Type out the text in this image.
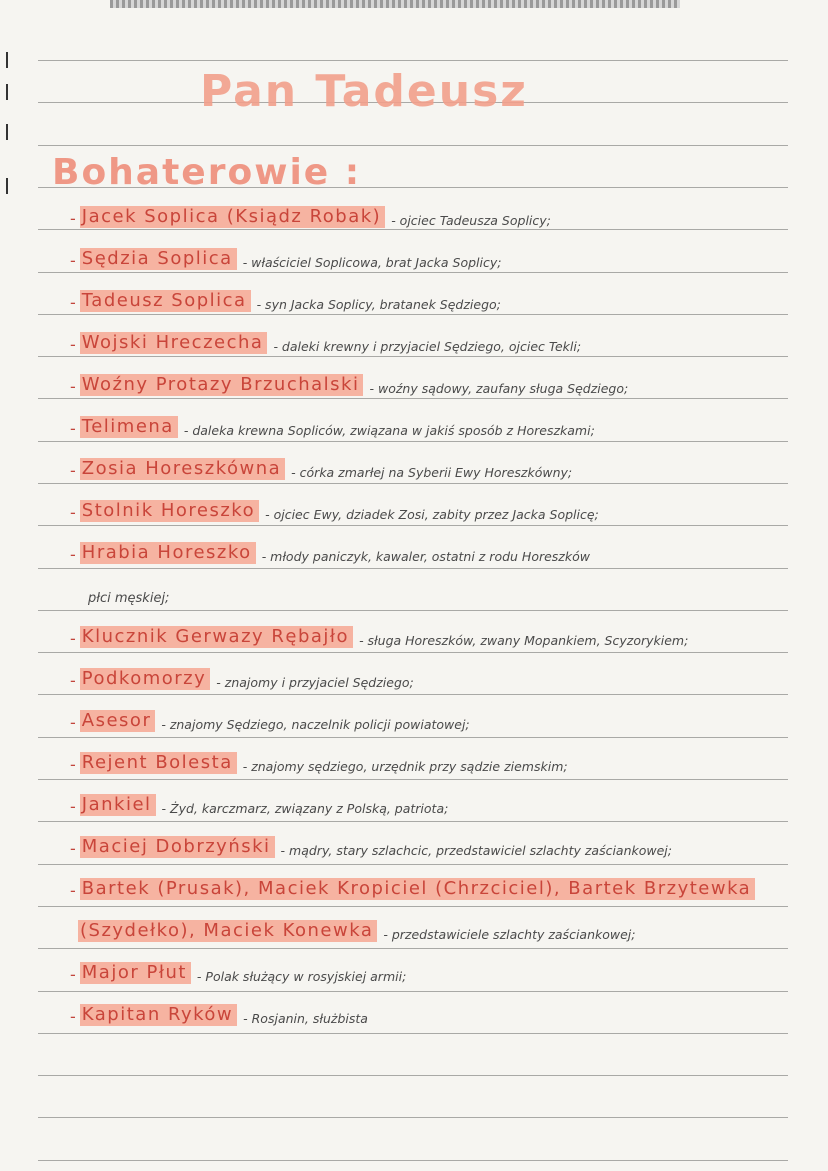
Pan Tadeusz
Bohaterowie :
- Jacek Soplica (Ksiądz Robak) - ojciec Tadeusza Soplicy;
- Sędzia Soplica - właściciel Soplicowa, brat Jacka Soplicy;
- Tadeusz Soplica - syn Jacka Soplicy, bratanek Sędziego;
- Wojski Hreczecha - daleki krewny i przyjaciel Sędziego, ojciec Tekli;
- Woźny Protazy Brzuchalski - woźny sądowy, zaufany sługa Sędziego;
- Telimena - daleka krewna Sopliców, związana w jakiś sposób z Horeszkami;
- Zosia Horeszkówna - córka zmarłej na Syberii Ewy Horeszkówny;
- Stolnik Horeszko - ojciec Ewy, dziadek Zosi, zabity przez Jacka Soplicę;
- Hrabia Horeszko - młody paniczyk, kawaler, ostatni z rodu Horeszków
płci męskiej;
- Klucznik Gerwazy Rębajło - sługa Horeszków, zwany Mopankiem, Scyzorykiem;
- Podkomorzy - znajomy i przyjaciel Sędziego;
- Asesor - znajomy Sędziego, naczelnik policji powiatowej;
- Rejent Bolesta - znajomy sędziego, urzędnik przy sądzie ziemskim;
- Jankiel - Żyd, karczmarz, związany z Polską, patriota;
- Maciej Dobrzyński - mądry, stary szlachcic, przedstawiciel szlachty zaściankowej;
- Bartek (Prusak), Maciek Kropiciel (Chrzciciel), Bartek Brzytewka
(Szydełko), Maciek Konewka - przedstawiciele szlachty zaściankowej;
- Major Płut - Polak służący w rosyjskiej armii;
- Kapitan Ryków - Rosjanin, służbista
